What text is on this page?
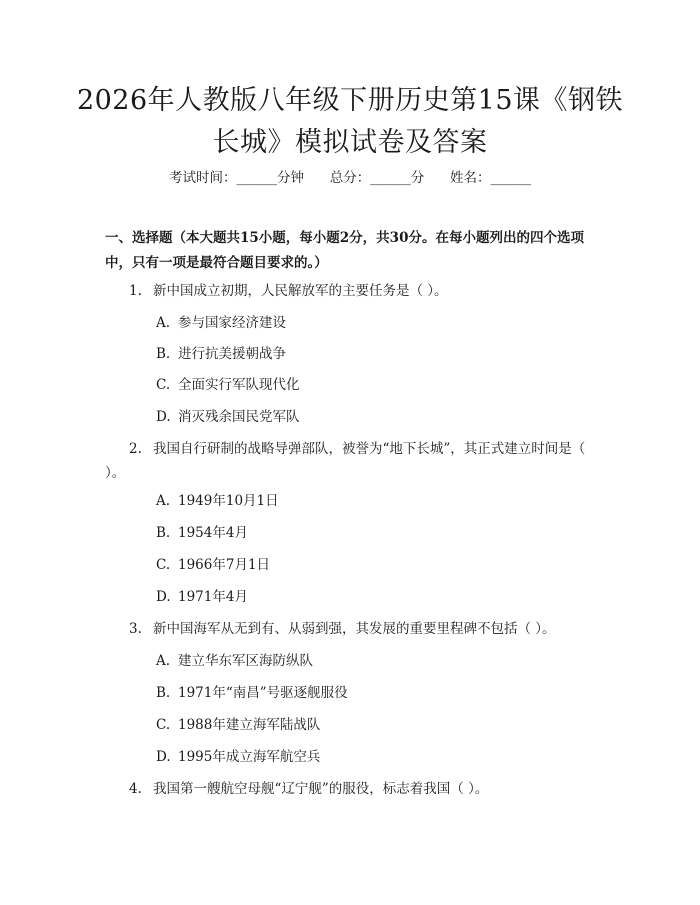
2026年人教版八年级下册历史第15课《钢铁长城》模拟试卷及答案
考试时间：______分钟      总分：______分      姓名：______

一、选择题（本大题共15小题，每小题2分，共30分。在每小题列出的四个选项中，只有一项是最符合题目要求的。）

1. 新中国成立初期，人民解放军的主要任务是（ ）。

A. 参与国家经济建设

B. 进行抗美援朝战争

C. 全面实行军队现代化

D. 消灭残余国民党军队

2. 我国自行研制的战略导弹部队，被誉为“地下长城”，其正式建立时间是（ ）。

A. 1949年10月1日

B. 1954年4月

C. 1966年7月1日

D. 1971年4月

3. 新中国海军从无到有、从弱到强，其发展的重要里程碑不包括（ ）。

A. 建立华东军区海防纵队

B. 1971年“南昌”号驱逐舰服役

C. 1988年建立海军陆战队

D. 1995年成立海军航空兵

4. 我国第一艘航空母舰“辽宁舰”的服役，标志着我国（ ）。
